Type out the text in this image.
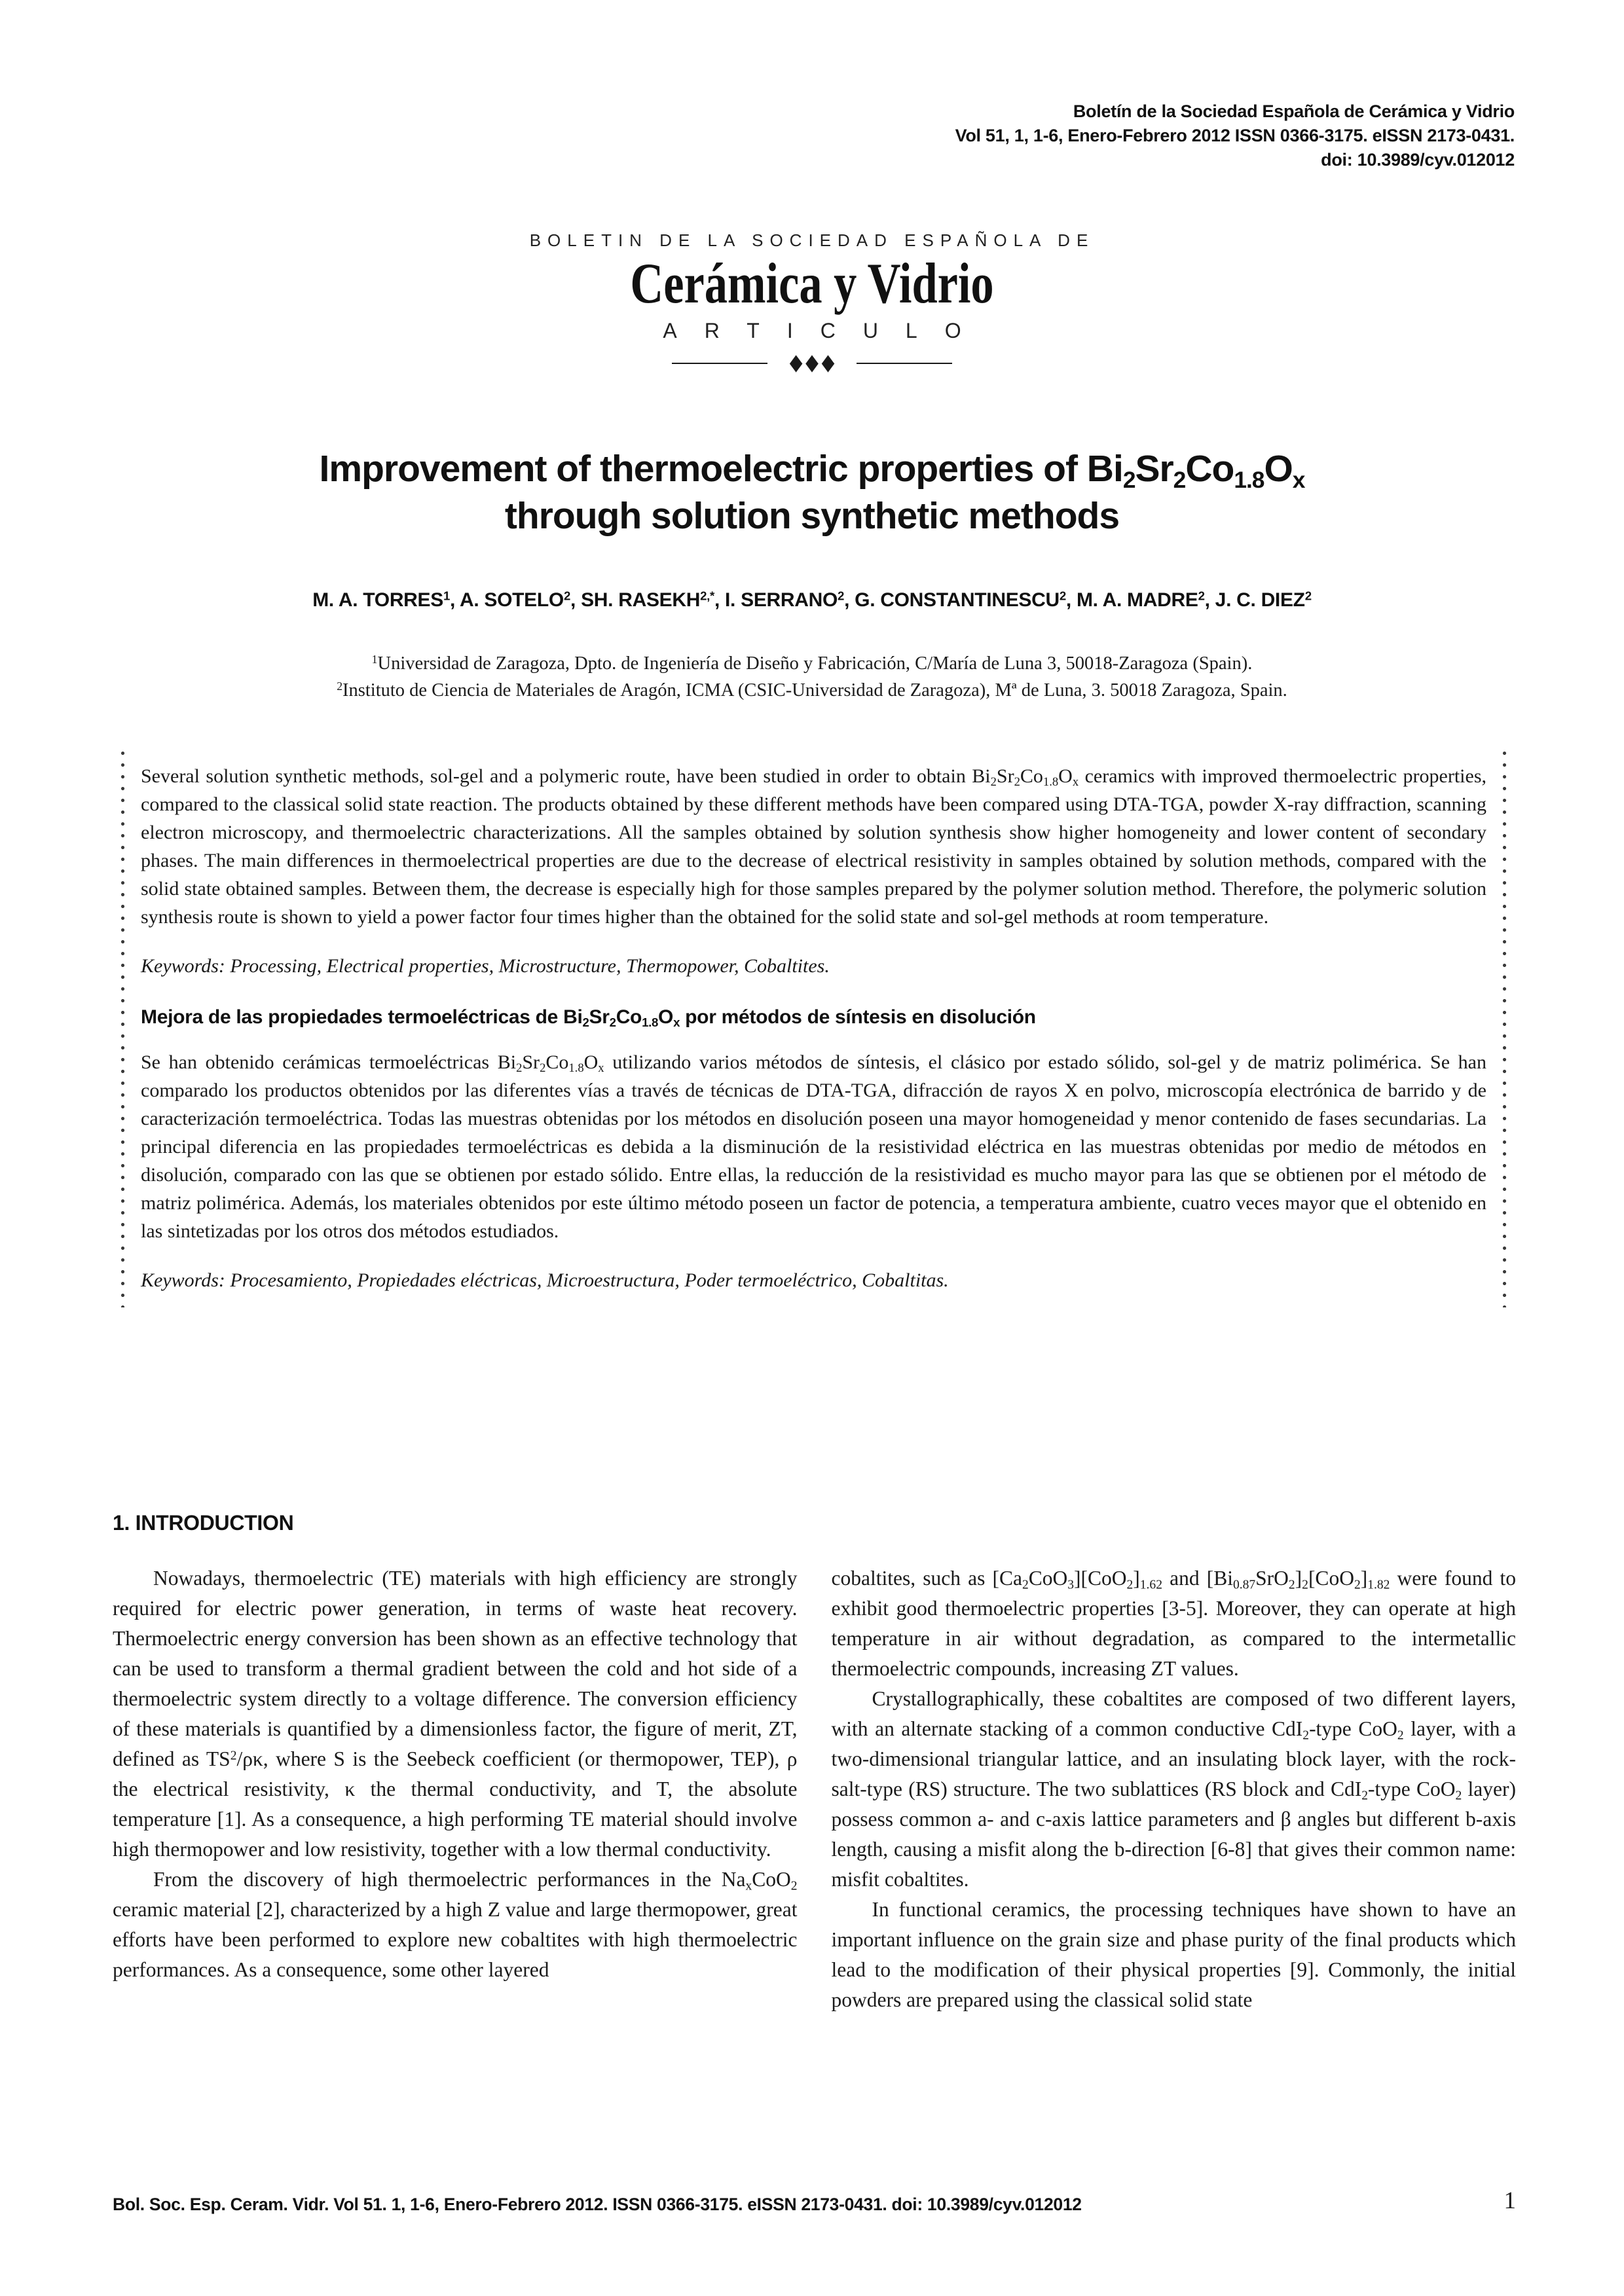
Boletín de la Sociedad Española de Cerámica y Vidrio
Vol 51, 1, 1-6, Enero-Febrero 2012 ISSN 0366-3175. eISSN 2173-0431.
doi: 10.3989/cyv.012012
BOLETIN DE LA SOCIEDAD ESPAÑOLA DE
Cerámica y Vidrio
ARTICULO
◆◆◆
Improvement of thermoelectric properties of $Bi_2Sr_2Co_{1.8}O_x$
through solution synthetic methods
M. A. TORRES$^1$, A. SOTELO$^2$, SH. $RASEKH^{2,*}$, I. SERRANO$^2$, G. CONSTANTINESCU$^2$, M. A. MADRE$^2$, J. C. DIEZ$^2$
$^1$Universidad de Zaragoza, Dpto. de Ingeniería de Diseño y Fabricación, C/María de Luna 3, 50018-Zaragoza (Spain).
$^2$Instituto de Ciencia de Materiales de Aragón, ICMA (CSIC-Universidad de Zaragoza), Mª de Luna, 3. 50018 Zaragoza, Spain.
Several solution synthetic methods, sol-gel and a polymeric route, have been studied in order to obtain $Bi_2Sr_2Co_{1.8}O_x$ ceramics with improved thermoelectric properties, compared to the classical solid state reaction. The products obtained by these different methods have been compared using DTA-TGA, powder X-ray diffraction, scanning electron microscopy, and thermoelectric characterizations. All the samples obtained by solution synthesis show higher homogeneity and lower content of secondary phases. The main differences in thermoelectrical properties are due to the decrease of electrical resistivity in samples obtained by solution methods, compared with the solid state obtained samples. Between them, the decrease is especially high for those samples prepared by the polymer solution method. Therefore, the polymeric solution synthesis route is shown to yield a power factor four times higher than the obtained for the solid state and sol-gel methods at room temperature.
Keywords: Processing, Electrical properties, Microstructure, Thermopower, Cobaltites.
Mejora de las propiedades termoeléctricas de $Bi_2Sr_2Co_{1.8}O_x$ por métodos de síntesis en disolución
Se han obtenido cerámicas termoeléctricas $Bi_2Sr_2Co_{1.8}O_x$ utilizando varios métodos de síntesis, el clásico por estado sólido, sol-gel y de matriz polimérica. Se han comparado los productos obtenidos por las diferentes vías a través de técnicas de DTA-TGA, difracción de rayos X en polvo, microscopía electrónica de barrido y de caracterización termoeléctrica. Todas las muestras obtenidas por los métodos en disolución poseen una mayor homogeneidad y menor contenido de fases secundarias. La principal diferencia en las propiedades termoeléctricas es debida a la disminución de la resistividad eléctrica en las muestras obtenidas por medio de métodos en disolución, comparado con las que se obtienen por estado sólido. Entre ellas, la reducción de la resistividad es mucho mayor para las que se obtienen por el método de matriz polimérica. Además, los materiales obtenidos por este último método poseen un factor de potencia, a temperatura ambiente, cuatro veces mayor que el obtenido en las sintetizadas por los otros dos métodos estudiados.
Keywords: Procesamiento, Propiedades eléctricas, Microestructura, Poder termoeléctrico, Cobaltitas.
1. INTRODUCTION

Nowadays, thermoelectric (TE) materials with high efficiency are strongly required for electric power generation, in terms of waste heat recovery. Thermoelectric energy conversion has been shown as an effective technology that can be used to transform a thermal gradient between the cold and hot side of a thermoelectric system directly to a voltage difference. The conversion efficiency of these materials is quantified by a dimensionless factor, the figure of merit, ZT, defined as $TS^2/\rho\kappa$, where S is the Seebeck coefficient (or thermopower, TEP), ρ the electrical resistivity, κ the thermal conductivity, and T, the absolute temperature [1]. As a consequence, a high performing TE material should involve high thermopower and low resistivity, together with a low thermal conductivity.

From the discovery of high thermoelectric performances in the $Na_xCoO_2$ ceramic material [2], characterized by a high Z value and large thermopower, great efforts have been performed to explore new cobaltites with high thermoelectric performances. As a consequence, some other layered

cobaltites, such as $[Ca_2CoO_3][CoO_2]_{1.62}$ and $[Bi_{0.87}SrO_2]_2[CoO_2]_{1.82}$ were found to exhibit good thermoelectric properties [3-5]. Moreover, they can operate at high temperature in air without degradation, as compared to the intermetallic thermoelectric compounds, increasing ZT values.

Crystallographically, these cobaltites are composed of two different layers, with an alternate stacking of a common conductive CdI$_2$-type CoO$_2$ layer, with a two-dimensional triangular lattice, and an insulating block layer, with the rock-salt-type (RS) structure. The two sublattices (RS block and CdI$_2$-type CoO$_2$ layer) possess common a- and c-axis lattice parameters and β angles but different b-axis length, causing a misfit along the b-direction [6-8] that gives their common name: misfit cobaltites.

In functional ceramics, the processing techniques have shown to have an important influence on the grain size and phase purity of the final products which lead to the modification of their physical properties [9]. Commonly, the initial powders are prepared using the classical solid state

Bol. Soc. Esp. Ceram. Vidr. Vol 51. 1, 1-6, Enero-Febrero 2012. ISSN 0366-3175. eISSN 2173-0431. doi: 10.3989/cyv.012012	1
